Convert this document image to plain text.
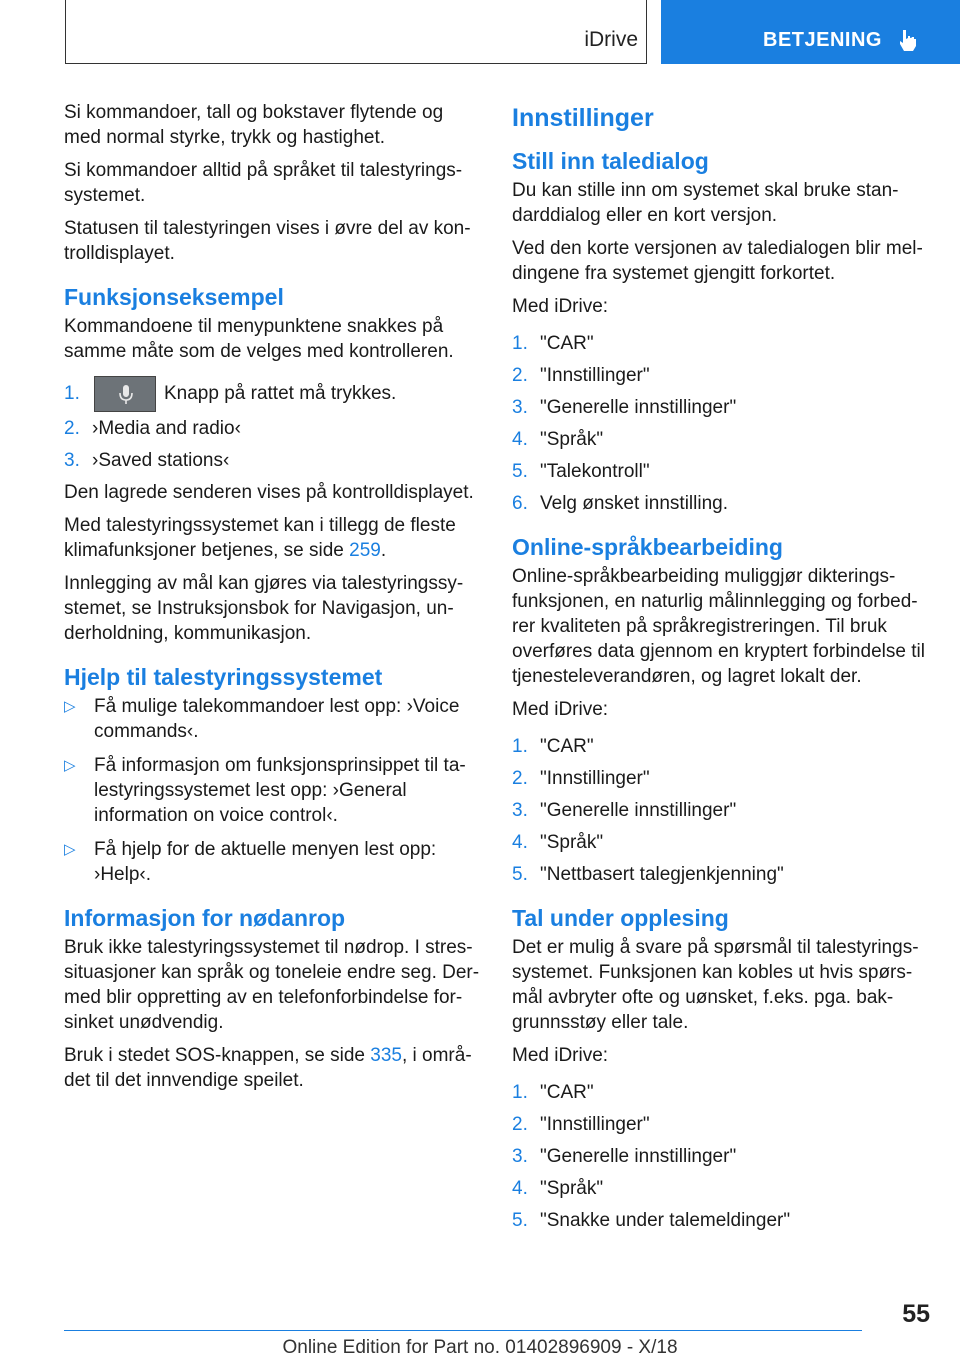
iDrive	BETJENING

Si kommandoer, tall og bokstaver flytende og med normal styrke, trykk og hastighet.

Si kommandoer alltid på språket til talestyrings‐systemet.

Statusen til talestyringen vises i øvre del av kon‐trolldisplayet.

Funksjonseksempel

Kommandoene til menypunktene snakkes på samme måte som de velges med kontrolleren.

1.	Knapp på rattet må trykkes.
2. ›Media and radio‹
3. ›Saved stations‹

Den lagrede senderen vises på kontrolldisplayet.

Med talestyringssystemet kan i tillegg de fleste klimafunksjoner betjenes, se side 259.

Innlegging av mål kan gjøres via talestyringssy‐stemet, se Instruksjonsbok for Navigasjon, un‐derholdning, kommunikasjon.

Hjelp til talestyringssystemet
▷ Få mulige talekommandoer lest opp: ›Voice commands‹.
▷ Få informasjon om funksjonsprinsippet til ta‐lestyringssystemet lest opp: ›General information on voice control‹.
▷ Få hjelp for de aktuelle menyen lest opp: ›Help‹.
Informasjon for nødanrop

Bruk ikke talestyringssystemet til nødrop. I stres‐situasjoner kan språk og toneleie endre seg. Der‐med blir oppretting av en telefonforbindelse for‐sinket unødvendig.

Bruk i stedet SOS-knappen, se side 335, i områ‐det til det innvendige speilet.

Innstillinger
Still inn taledialog

Du kan stille inn om systemet skal bruke stan‐darddialog eller en kort versjon.

Ved den korte versjonen av taledialogen blir mel‐dingene fra systemet gjengitt forkortet.

Med iDrive:

1. "CAR"
2. "Innstillinger"
3. "Generelle innstillinger"
4. "Språk"
5. "Talekontroll"
6. Velg ønsket innstilling.
Online-språkbearbeiding

Online-språkbearbeiding muliggjør dikterings‐funksjonen, en naturlig målinnlegging og forbed‐rer kvaliteten på språkregistreringen. Til bruk overføres data gjennom en kryptert forbindelse til tjenesteleverandøren, og lagret lokalt der.

Med iDrive:

1. "CAR"
2. "Innstillinger"
3. "Generelle innstillinger"
4. "Språk"
5. "Nettbasert talegjenkjenning"
Tal under opplesing

Det er mulig å svare på spørsmål til talestyrings‐systemet. Funksjonen kan kobles ut hvis spørs‐mål avbryter ofte og uønsket, f.eks. pga. bak‐grunnsstøy eller tale.

Med iDrive:

1. "CAR"
2. "Innstillinger"
3. "Generelle innstillinger"
4. "Språk"
5. "Snakke under talemeldinger"
55
Online Edition for Part no. 01402896909 - X/18
